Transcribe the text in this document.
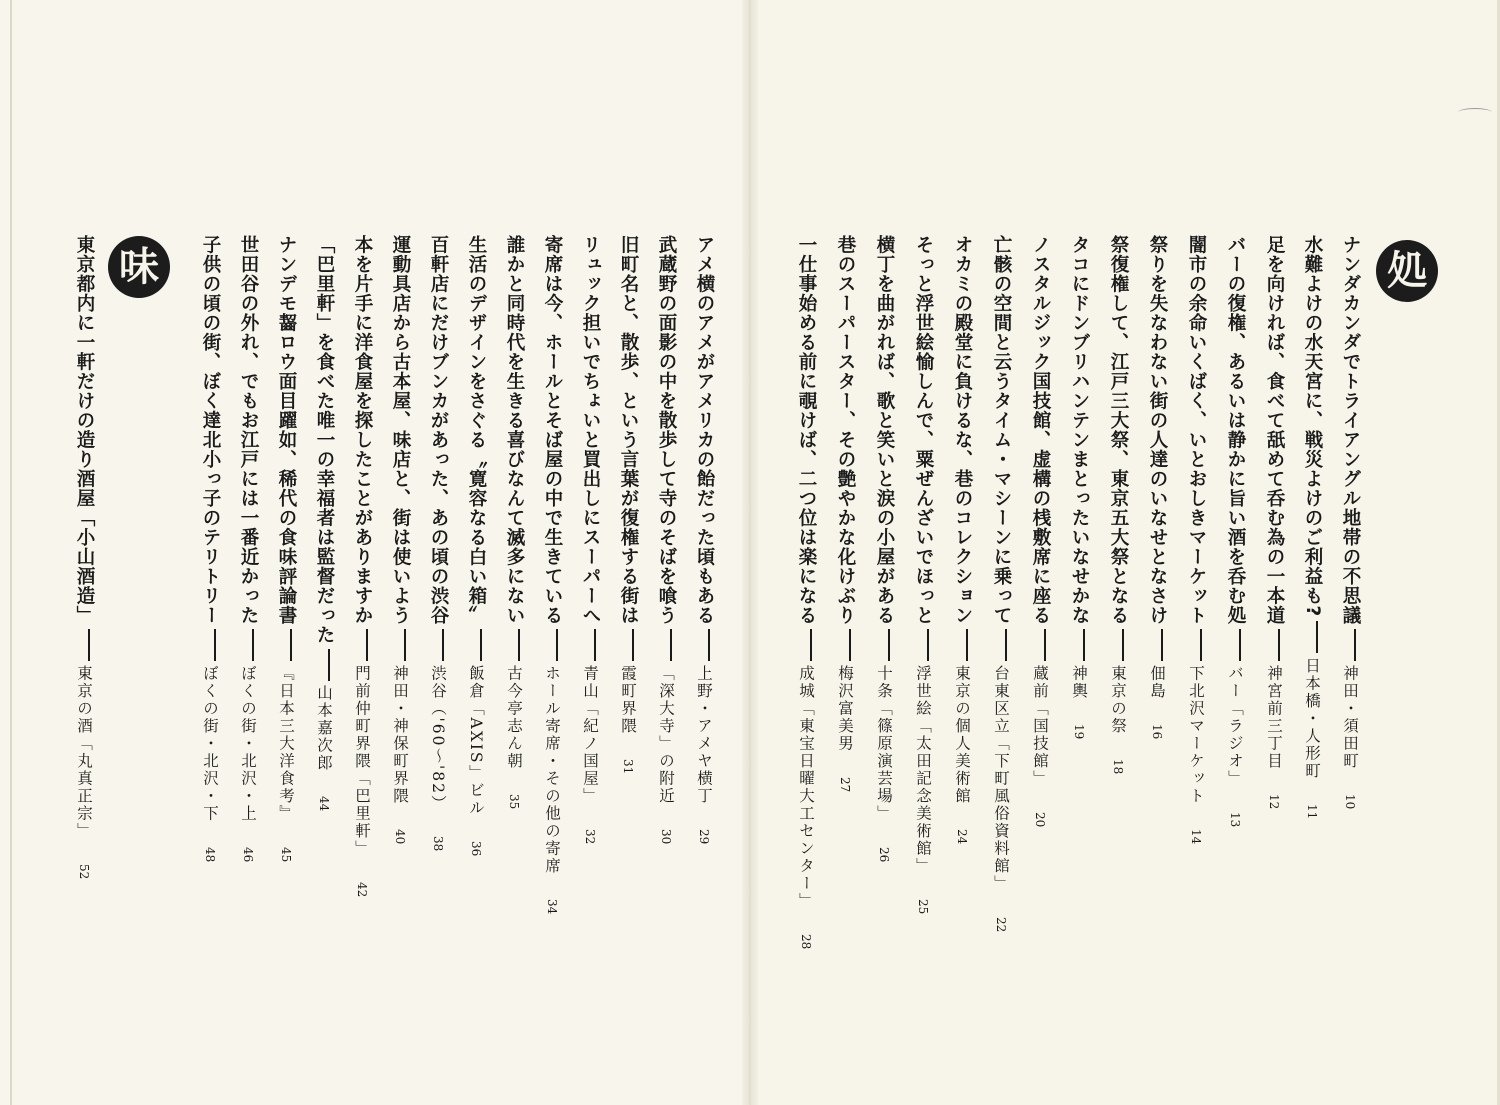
処
味	ナンダカンダでトライアングル地帯の不思議神田・須田町10
水難よけの水天宮に、戦災よけのご利益も?日本橋・人形町11
足を向ければ、食べて舐めて呑む為の一本道神宮前三丁目12
バーの復権、あるいは静かに旨い酒を呑む処バー「ラジオ」13
闇市の余命いくばく、いとおしきマーケット下北沢マーケット14
祭りを失なわない街の人達のいなせとなさけ佃島16
祭復権して、江戸三大祭、東京五大祭となる東京の祭18
タコにドンブリハンテンまとったいなせかな神輿19
ノスタルジック国技館、虚構の桟敷席に座る蔵前「国技館」20
亡骸の空間と云うタイム・マシーンに乗って台東区立「下町風俗資料館」22
オカミの殿堂に負けるな、巷のコレクション東京の個人美術館24
そっと浮世絵愉しんで、粟ぜんざいでほっと浮世絵「太田記念美術館」25
横丁を曲がれば、歌と笑いと涙の小屋がある十条「篠原演芸場」26
巷のスーパースター、その艶やかな化けぶり梅沢富美男27
一仕事始める前に覗けば、二つ位は楽になる成城「東宝日曜大工センター」28
アメ横のアメがアメリカの飴だった頃もある上野・アメヤ横丁29
武蔵野の面影の中を散歩して寺のそばを喰う「深大寺」の附近30
旧町名と、散歩、という言葉が復権する街は霞町界隈31
リュック担いでちょいと買出しにスーパーへ青山「紀ノ国屋」32
寄席は今、ホールとそば屋の中で生きているホール寄席・その他の寄席34
誰かと同時代を生きる喜びなんて滅多にない古今亭志ん朝35
生活のデザインをさぐる〝寛容なる白い箱〟飯倉「AXIS」ビル36
百軒店にだけブンカがあった、あの頃の渋谷渋谷（'60〜'82）38
運動具店から古本屋、味店と、街は使いよう神田・神保町界隈40
本を片手に洋食屋を探したことがありますか門前仲町界隈「巴里軒」42
「巴里軒」を食べた唯一の幸福者は監督だった山本嘉次郎44
ナンデモ齧ロウ面目躍如、稀代の食味評論書『日本三大洋食考』45
世田谷の外れ、でもお江戸には一番近かったぼくの街・北沢・上46
子供の頃の街、ぼく達北小っ子のテリトリーぼくの街・北沢・下48
東京都内に一軒だけの造り酒屋「小山酒造」東京の酒「丸真正宗」52
